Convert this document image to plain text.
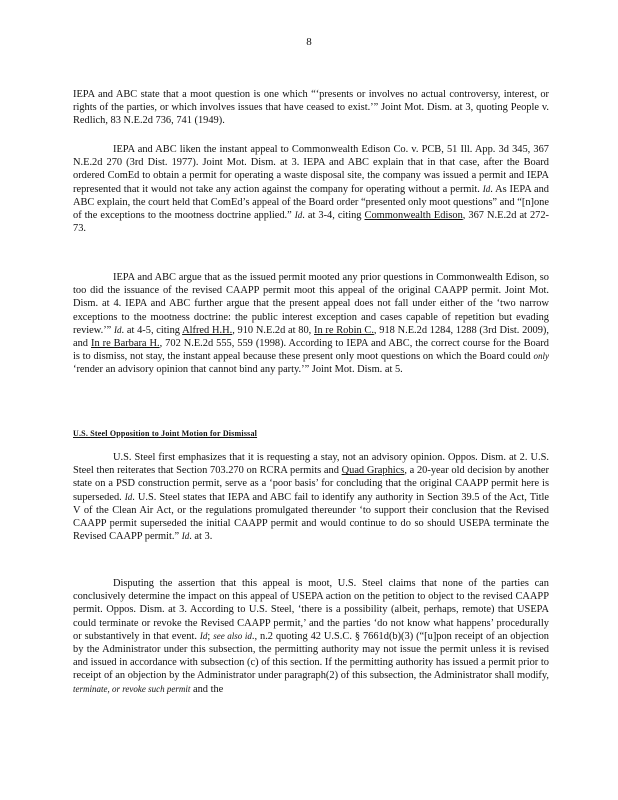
8

IEPA and ABC state that a moot question is one which “‘presents or involves no actual controversy, interest, or rights of the parties, or which involves issues that have ceased to exist.’” Joint Mot. Dism. at 3, quoting People v. Redlich, 83 N.E.2d 736, 741 (1949).

IEPA and ABC liken the instant appeal to Commonwealth Edison Co. v. PCB, 51 Ill. App. 3d 345, 367 N.E.2d 270 (3rd Dist. 1977). Joint Mot. Dism. at 3. IEPA and ABC explain that in that case, after the Board ordered ComEd to obtain a permit for operating a waste disposal site, the company was issued a permit and IEPA represented that it would not take any action against the company for operating without a permit. Id. As IEPA and ABC explain, the court held that ComEd’s appeal of the Board order “presented only moot questions” and “[n]one of the exceptions to the mootness doctrine applied.” Id. at 3-4, citing Commonwealth Edison, 367 N.E.2d at 272-73.

IEPA and ABC argue that as the issued permit mooted any prior questions in Commonwealth Edison, so too did the issuance of the revised CAAPP permit moot this appeal of the original CAAPP permit. Joint Mot. Dism. at 4. IEPA and ABC further argue that the present appeal does not fall under either of the ‘two narrow exceptions to the mootness doctrine: the public interest exception and cases capable of repetition but evading review.’” Id. at 4-5, citing Alfred H.H., 910 N.E.2d at 80, In re Robin C., 918 N.E.2d 1284, 1288 (3rd Dist. 2009), and In re Barbara H., 702 N.E.2d 555, 559 (1998). According to IEPA and ABC, the correct course for the Board is to dismiss, not stay, the instant appeal because these present only moot questions on which the Board could only ‘render an advisory opinion that cannot bind any party.’” Joint Mot. Dism. at 5.

U.S. Steel first emphasizes that it is requesting a stay, not an advisory opinion. Oppos. Dism. at 2. U.S. Steel then reiterates that Section 703.270 on RCRA permits and Quad Graphics, a 20-year old decision by another state on a PSD construction permit, serve as a ‘poor basis’ for concluding that the original CAAPP permit here is superseded. Id. U.S. Steel states that IEPA and ABC fail to identify any authority in Section 39.5 of the Act, Title V of the Clean Air Act, or the regulations promulgated thereunder ‘to support their conclusion that the Revised CAAPP permit superseded the initial CAAPP permit and would continue to do so should USEPA terminate the Revised CAAPP permit.” Id. at 3.

Disputing the assertion that this appeal is moot, U.S. Steel claims that none of the parties can conclusively determine the impact on this appeal of USEPA action on the petition to object to the revised CAAPP permit. Oppos. Dism. at 3. According to U.S. Steel, ‘there is a possibility (albeit, perhaps, remote) that USEPA could terminate or revoke the Revised CAAPP permit,’ and the parties ‘do not know what happens’ procedurally or substantively in that event. Id; see also id., n.2 quoting 42 U.S.C. § 7661d(b)(3) (“[u]pon receipt of an objection by the Administrator under this subsection, the permitting authority may not issue the permit unless it is revised and issued in accordance with subsection (c) of this section. If the permitting authority has issued a permit prior to receipt of an objection by the Administrator under paragraph(2) of this subsection, the Administrator shall modify, terminate, or revoke such permit and the

U.S. Steel Opposition to Joint Motion for Dismissal
